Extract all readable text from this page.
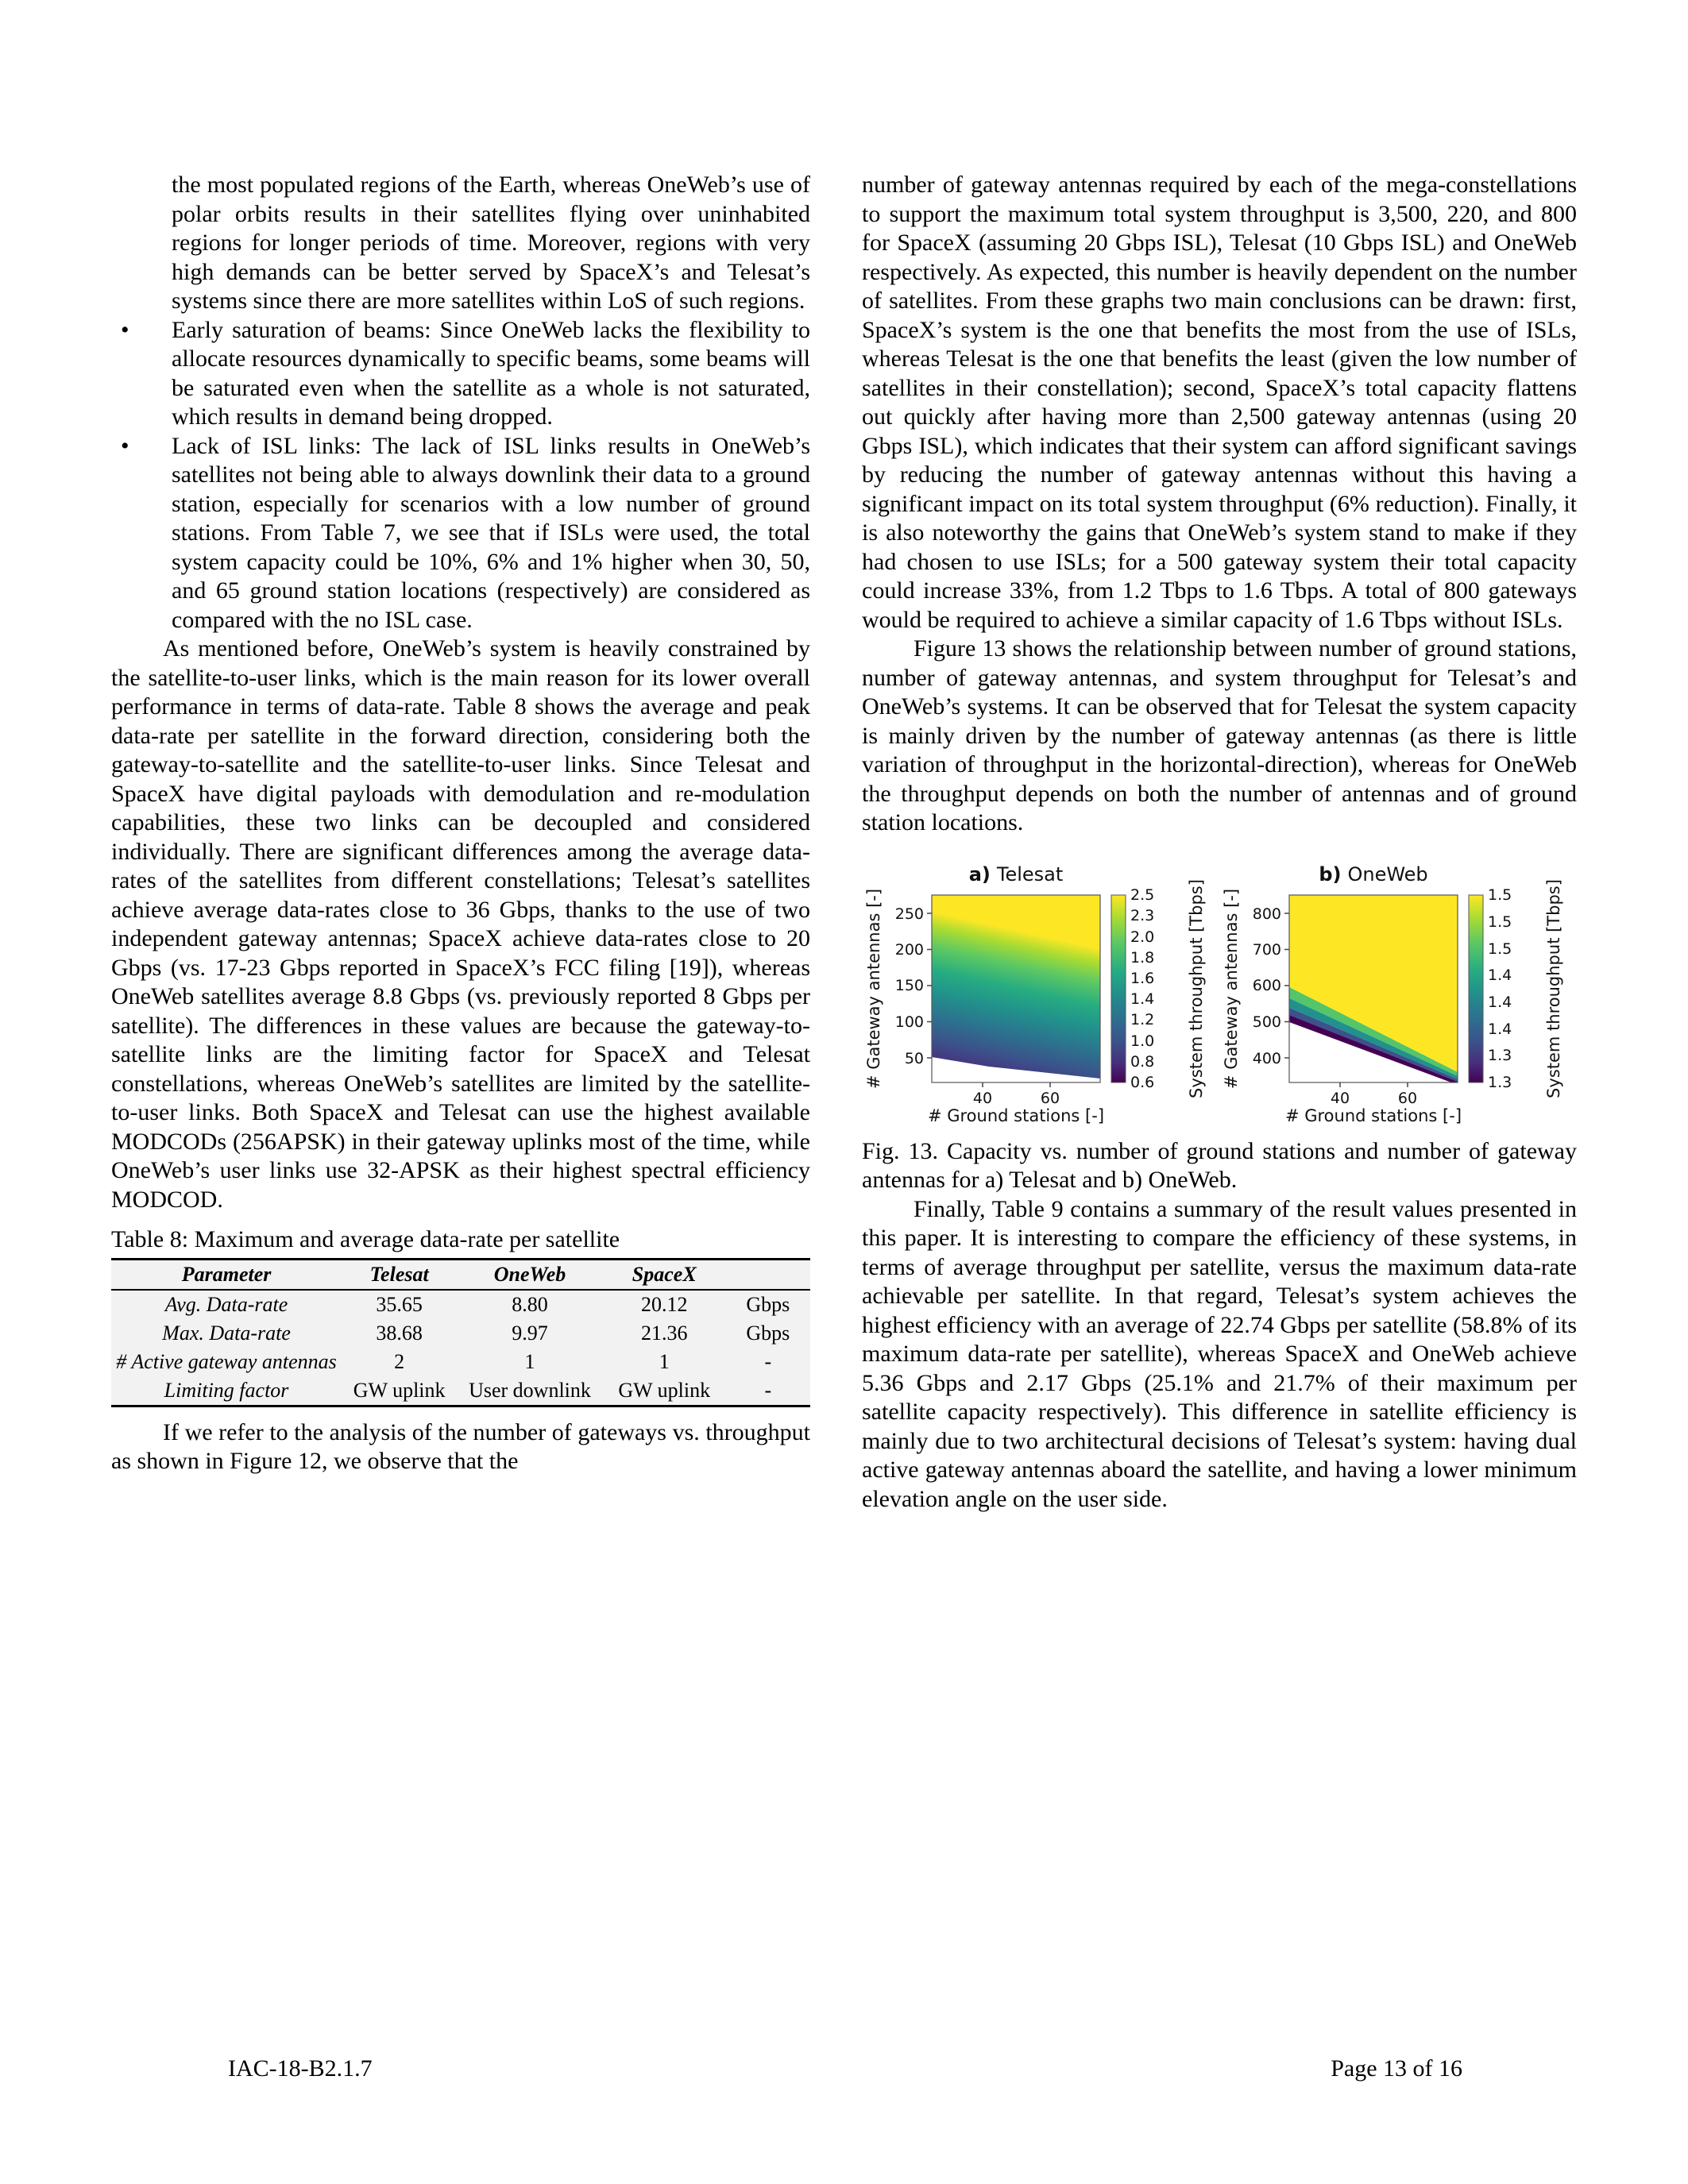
the most populated regions of the Earth, whereas OneWeb’s use of polar orbits results in their satellites flying over uninhabited regions for longer periods of time. Moreover, regions with very high demands can be better served by SpaceX’s and Telesat’s systems since there are more satellites within LoS of such regions.

• Early saturation of beams: Since OneWeb lacks the flexibility to allocate resources dynamically to specific beams, some beams will be saturated even when the satellite as a whole is not saturated, which results in demand being dropped.

• Lack of ISL links: The lack of ISL links results in OneWeb’s satellites not being able to always downlink their data to a ground station, especially for scenarios with a low number of ground stations. From Table 7, we see that if ISLs were used, the total system capacity could be 10%, 6% and 1% higher when 30, 50, and 65 ground station locations (respectively) are considered as compared with the no ISL case.

As mentioned before, OneWeb’s system is heavily constrained by the satellite-to-user links, which is the main reason for its lower overall performance in terms of data-rate. Table 8 shows the average and peak data-rate per satellite in the forward direction, considering both the gateway-to-satellite and the satellite-to-user links. Since Telesat and SpaceX have digital payloads with demodulation and re-modulation capabilities, these two links can be decoupled and considered individually. There are significant differences among the average data-rates of the satellites from different constellations; Telesat’s satellites achieve average data-rates close to 36 Gbps, thanks to the use of two independent gateway antennas; SpaceX achieve data-rates close to 20 Gbps (vs. 17-23 Gbps reported in SpaceX’s FCC filing [19]), whereas OneWeb satellites average 8.8 Gbps (vs. previously reported 8 Gbps per satellite). The differences in these values are because the gateway-to-satellite links are the limiting factor for SpaceX and Telesat constellations, whereas OneWeb’s satellites are limited by the satellite-to-user links. Both SpaceX and Telesat can use the highest available MODCODs (256APSK) in their gateway uplinks most of the time, while OneWeb’s user links use 32-APSK as their highest spectral efficiency MODCOD.

Table 8: Maximum and average data-rate per satellite

Parameter	Telesat	OneWeb	SpaceX	
Avg. Data-rate	35.65	8.80	20.12	Gbps
Max. Data-rate	38.68	9.97	21.36	Gbps
# Active gateway antennas	2	1	1	-
Limiting factor	GW uplink	User downlink	GW uplink	-

If we refer to the analysis of the number of gateways vs. throughput as shown in Figure 12, we observe that the

number of gateway antennas required by each of the mega-constellations to support the maximum total system throughput is 3,500, 220, and 800 for SpaceX (assuming 20 Gbps ISL), Telesat (10 Gbps ISL) and OneWeb respectively. As expected, this number is heavily dependent on the number of satellites. From these graphs two main conclusions can be drawn: first, SpaceX’s system is the one that benefits the most from the use of ISLs, whereas Telesat is the one that benefits the least (given the low number of satellites in their constellation); second, SpaceX’s total capacity flattens out quickly after having more than 2,500 gateway antennas (using 20 Gbps ISL), which indicates that their system can afford significant savings by reducing the number of gateway antennas without this having a significant impact on its total system throughput (6% reduction). Finally, it is also noteworthy the gains that OneWeb’s system stand to make if they had chosen to use ISLs; for a 500 gateway system their total capacity could increase 33%, from 1.2 Tbps to 1.6 Tbps. A total of 800 gateways would be required to achieve a similar capacity of 1.6 Tbps without ISLs.

Figure 13 shows the relationship between number of ground stations, number of gateway antennas, and system throughput for Telesat’s and OneWeb’s systems. It can be observed that for Telesat the system capacity is mainly driven by the number of gateway antennas (as there is little variation of throughput in the horizontal-direction), whereas for OneWeb the throughput depends on both the number of antennas and of ground station locations.

a) Telesat
# Gateway antennas [-] 250
200
150
100
50
40	60
# Ground stations [-]
2.5
2.3
2.0
1.8
1.6
1.4
1.2
1.0
0.8
0.6 System throughput [Tbps]
b) OneWeb
# Gateway antennas [-] 800
700
600
500
400
40	60
# Ground stations [-]
1.5
1.5
1.5
1.4
1.4
1.4
1.3
1.3 System throughput [Tbps]

Fig. 13. Capacity vs. number of ground stations and number of gateway antennas for a) Telesat and b) OneWeb.

Finally, Table 9 contains a summary of the result values presented in this paper. It is interesting to compare the efficiency of these systems, in terms of average throughput per satellite, versus the maximum data-rate achievable per satellite. In that regard, Telesat’s system achieves the highest efficiency with an average of 22.74 Gbps per satellite (58.8% of its maximum data-rate per satellite), whereas SpaceX and OneWeb achieve 5.36 Gbps and 2.17 Gbps (25.1% and 21.7% of their maximum per satellite capacity respectively). This difference in satellite efficiency is mainly due to two architectural decisions of Telesat’s system: having dual active gateway antennas aboard the satellite, and having a lower minimum elevation angle on the user side.

IAC-18-B2.1.7	Page 13 of 16
